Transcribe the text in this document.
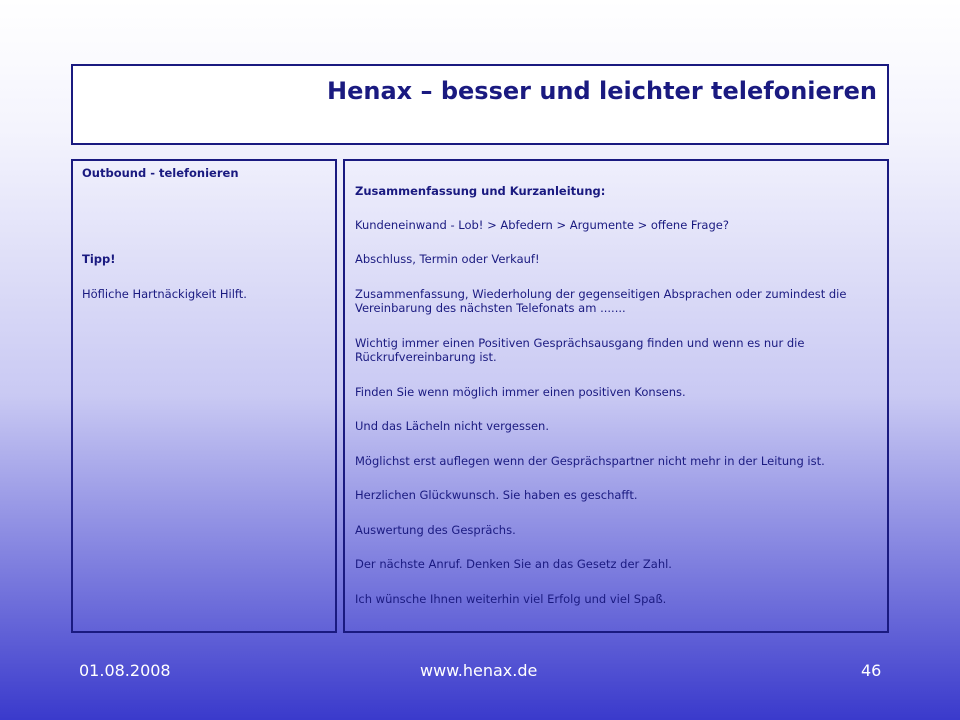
Henax – besser und leichter telefonieren

Outbound - telefonieren

Tipp!

Höfliche Hartnäckigkeit Hilft.

Zusammenfassung und Kurzanleitung:

Kundeneinwand - Lob! > Abfedern > Argumente > offene Frage?

Abschluss, Termin oder Verkauf!

Zusammenfassung, Wiederholung der gegenseitigen Absprachen oder zumindest die Vereinbarung des nächsten Telefonats am .......

Wichtig immer einen Positiven Gesprächsausgang finden und wenn es nur die Rückrufvereinbarung ist.

Finden Sie wenn möglich immer einen positiven Konsens.

Und das Lächeln nicht vergessen.

Möglichst erst auflegen wenn der Gesprächspartner nicht mehr in der Leitung ist.

Herzlichen Glückwunsch. Sie haben es geschafft.

Auswertung des Gesprächs.

Der nächste Anruf. Denken Sie an das Gesetz der Zahl.

Ich wünsche Ihnen weiterhin viel Erfolg und viel Spaß.

01.08.2008	www.henax.de	46
